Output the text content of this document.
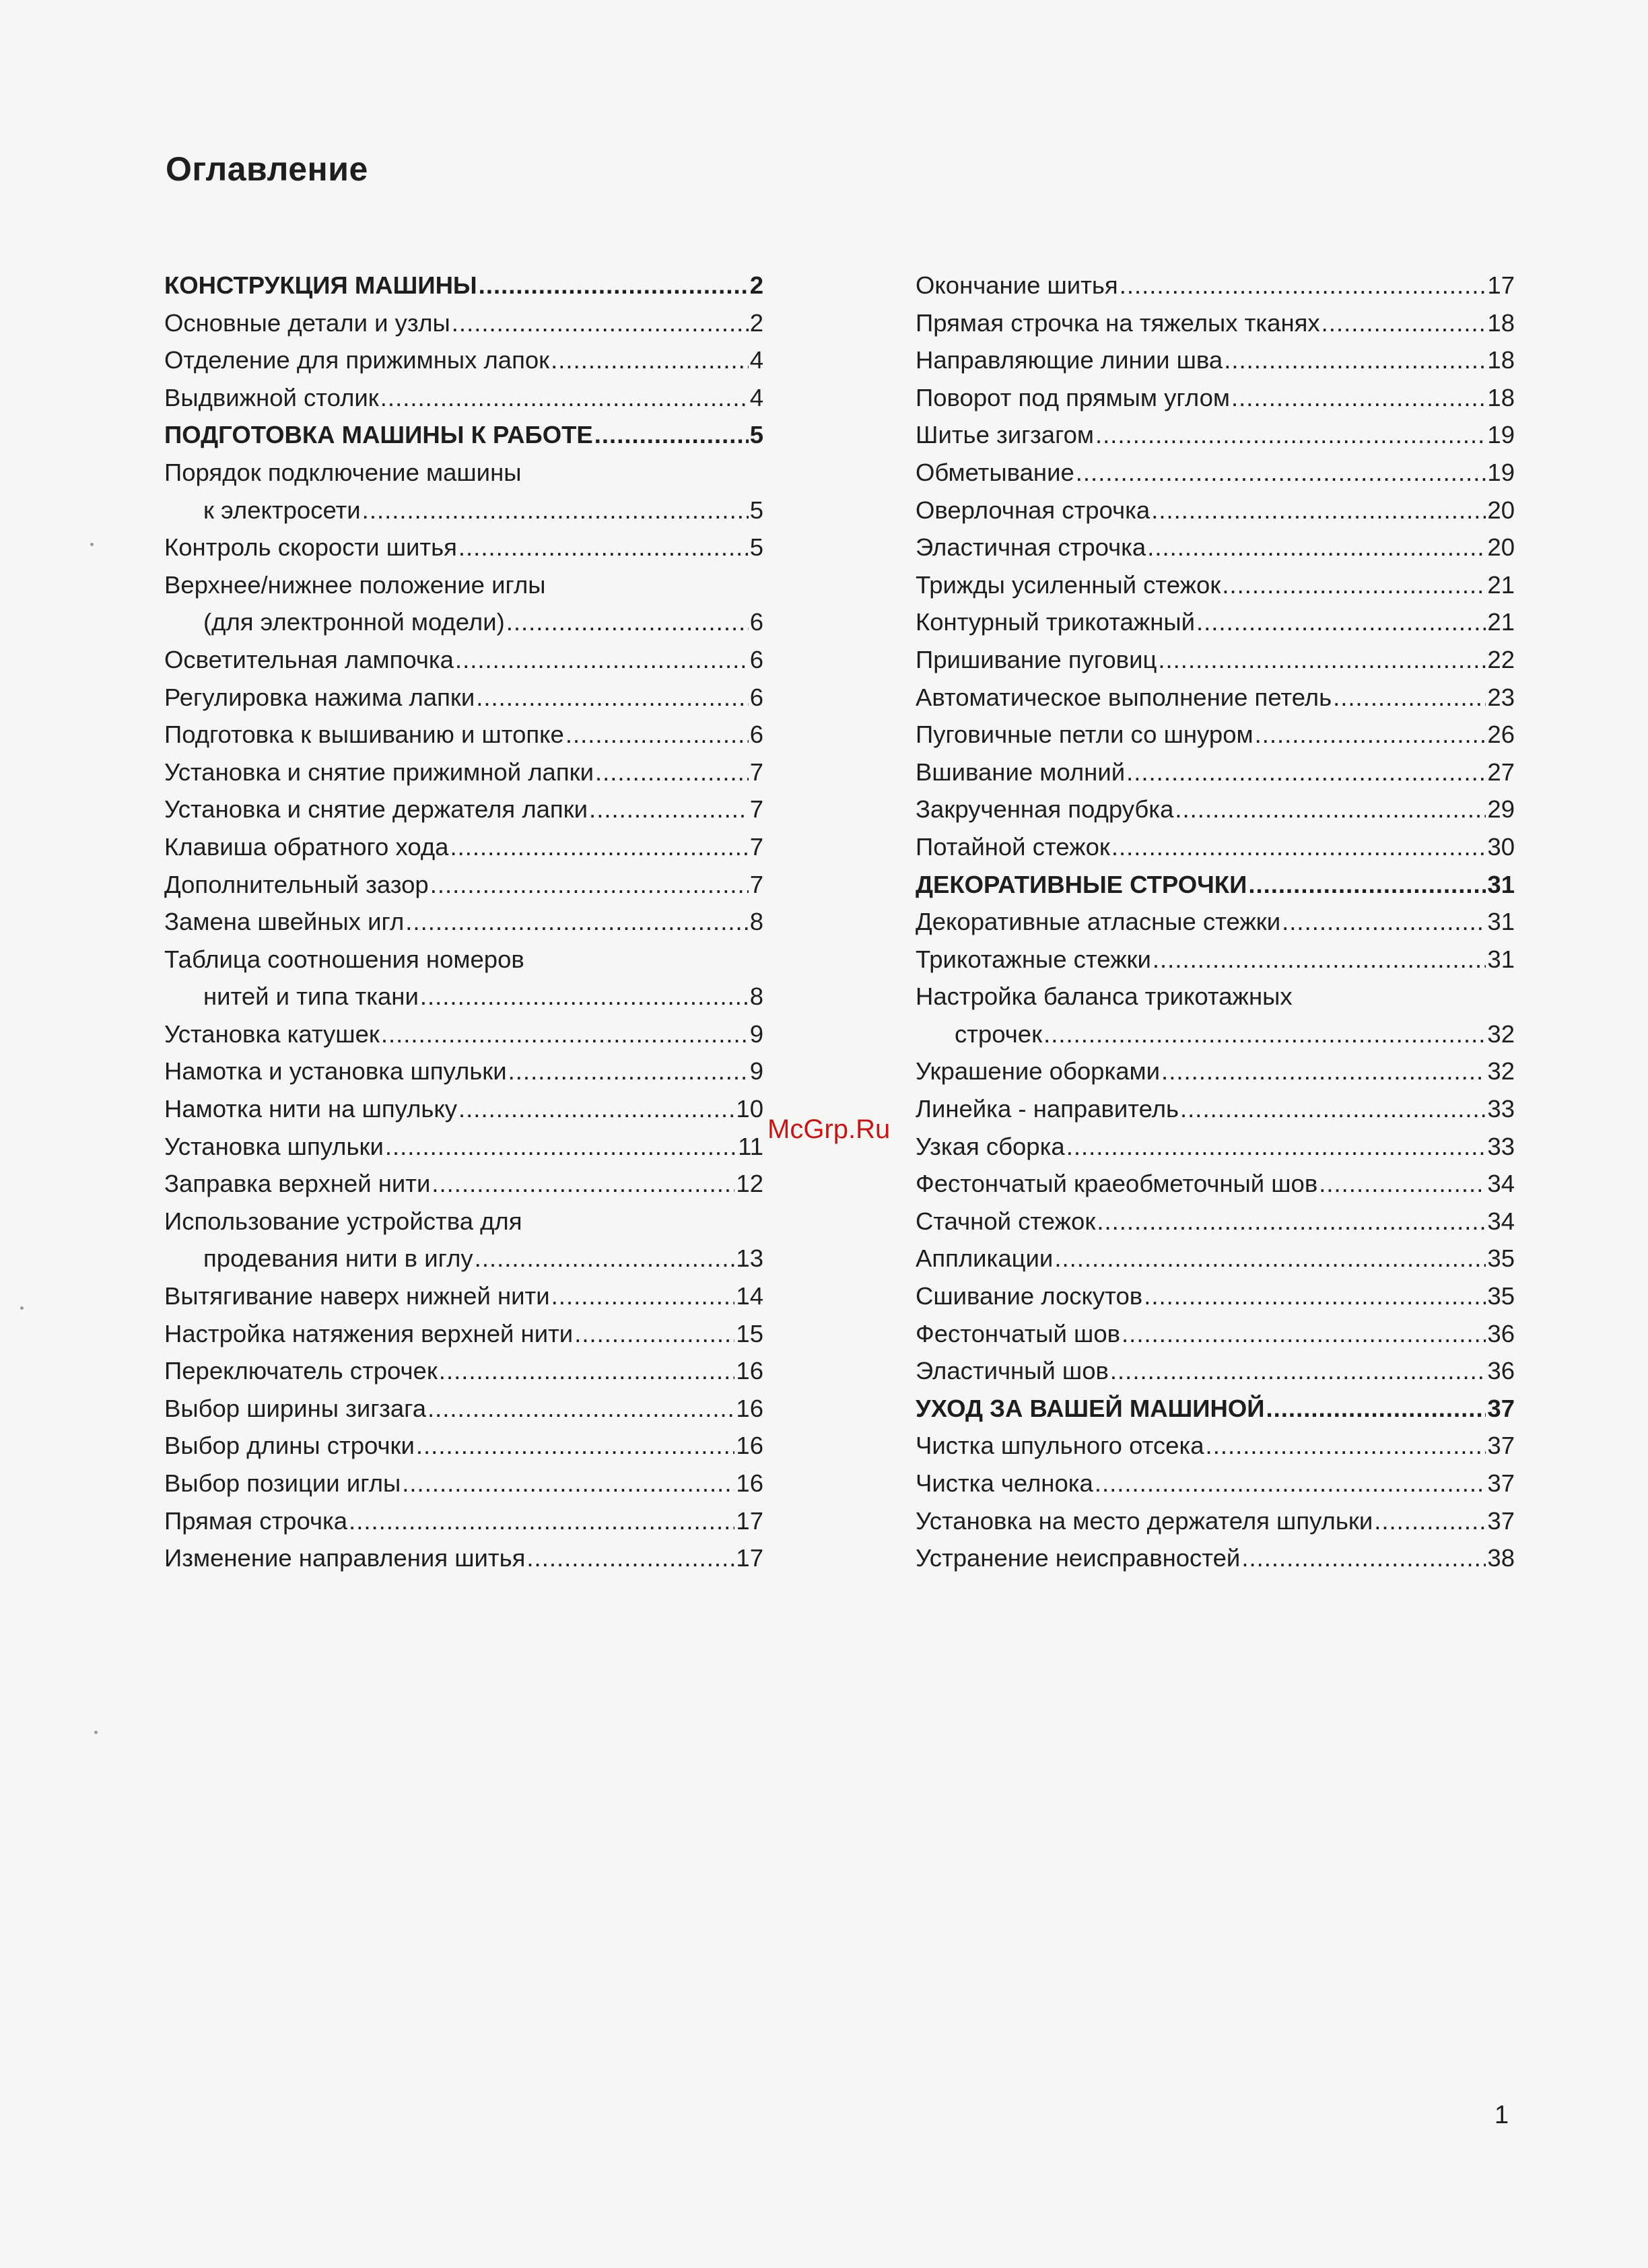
Оглавление
КОНСТРУКЦИЯ МАШИНЫ .....	2
Основные детали и узлы .....	2
Отделение для прижимных лапок .....	4
Выдвижной столик .....	4
ПОДГОТОВКА МАШИНЫ К РАБОТЕ .....	5
Порядок подключение машины
к электросети .....	5
Контроль скорости шитья .....	5
Верхнее/нижнее положение иглы
(для электронной модели) .....	6
Осветительная лампочка .....	6
Регулировка нажима лапки .....	6
Подготовка к вышиванию и штопке .....	6
Установка и снятие прижимной лапки .....	7
Установка и снятие держателя лапки .....	7
Клавиша обратного хода .....	7
Дополнительный зазор .....	7
Замена швейных игл .....	8
Таблица соотношения номеров
нитей и типа ткани .....	8
Установка катушек .....	9
Намотка и установка шпульки .....	9
Намотка нити на шпульку .....	10
Установка шпульки .....	11
Заправка верхней нити .....	12
Использование устройства для
продевания нити в иглу .....	13
Вытягивание наверх нижней нити .....	14
Настройка натяжения верхней нити .....	15
Переключатель строчек .....	16
Выбор ширины зигзага .....	16
Выбор длины строчки .....	16
Выбор позиции иглы .....	16
Прямая строчка .....	17
Изменение направления шитья .....	17
Окончание шитья .....	17
Прямая строчка на тяжелых тканях .....	18
Направляющие линии шва .....	18
Поворот под прямым углом .....	18
Шитье зигзагом .....	19
Обметывание .....	19
Оверлочная строчка .....	20
Эластичная строчка .....	20
Трижды усиленный стежок .....	21
Контурный трикотажный .....	21
Пришивание пуговиц .....	22
Автоматическое выполнение петель .....	23
Пуговичные петли со шнуром .....	26
Вшивание молний .....	27
Закрученная подрубка .....	29
Потайной стежок .....	30
ДЕКОРАТИВНЫЕ СТРОЧКИ .....	31
Декоративные атласные стежки .....	31
Трикотажные стежки .....	31
Настройка баланса трикотажных
строчек .....	32
Украшение оборками .....	32
Линейка - направитель .....	33
Узкая сборка .....	33
Фестончатый краеобметочный шов .....	34
Стачной стежок .....	34
Аппликации .....	35
Сшивание лоскутов .....	35
Фестончатый шов .....	36
Эластичный шов .....	36
УХОД ЗА ВАШЕЙ МАШИНОЙ .....	37
Чистка шпульного отсека .....	37
Чистка челнока .....	37
Установка на место держателя шпульки .....	37
Устранение неисправностей .....	38
McGrp.Ru
1
